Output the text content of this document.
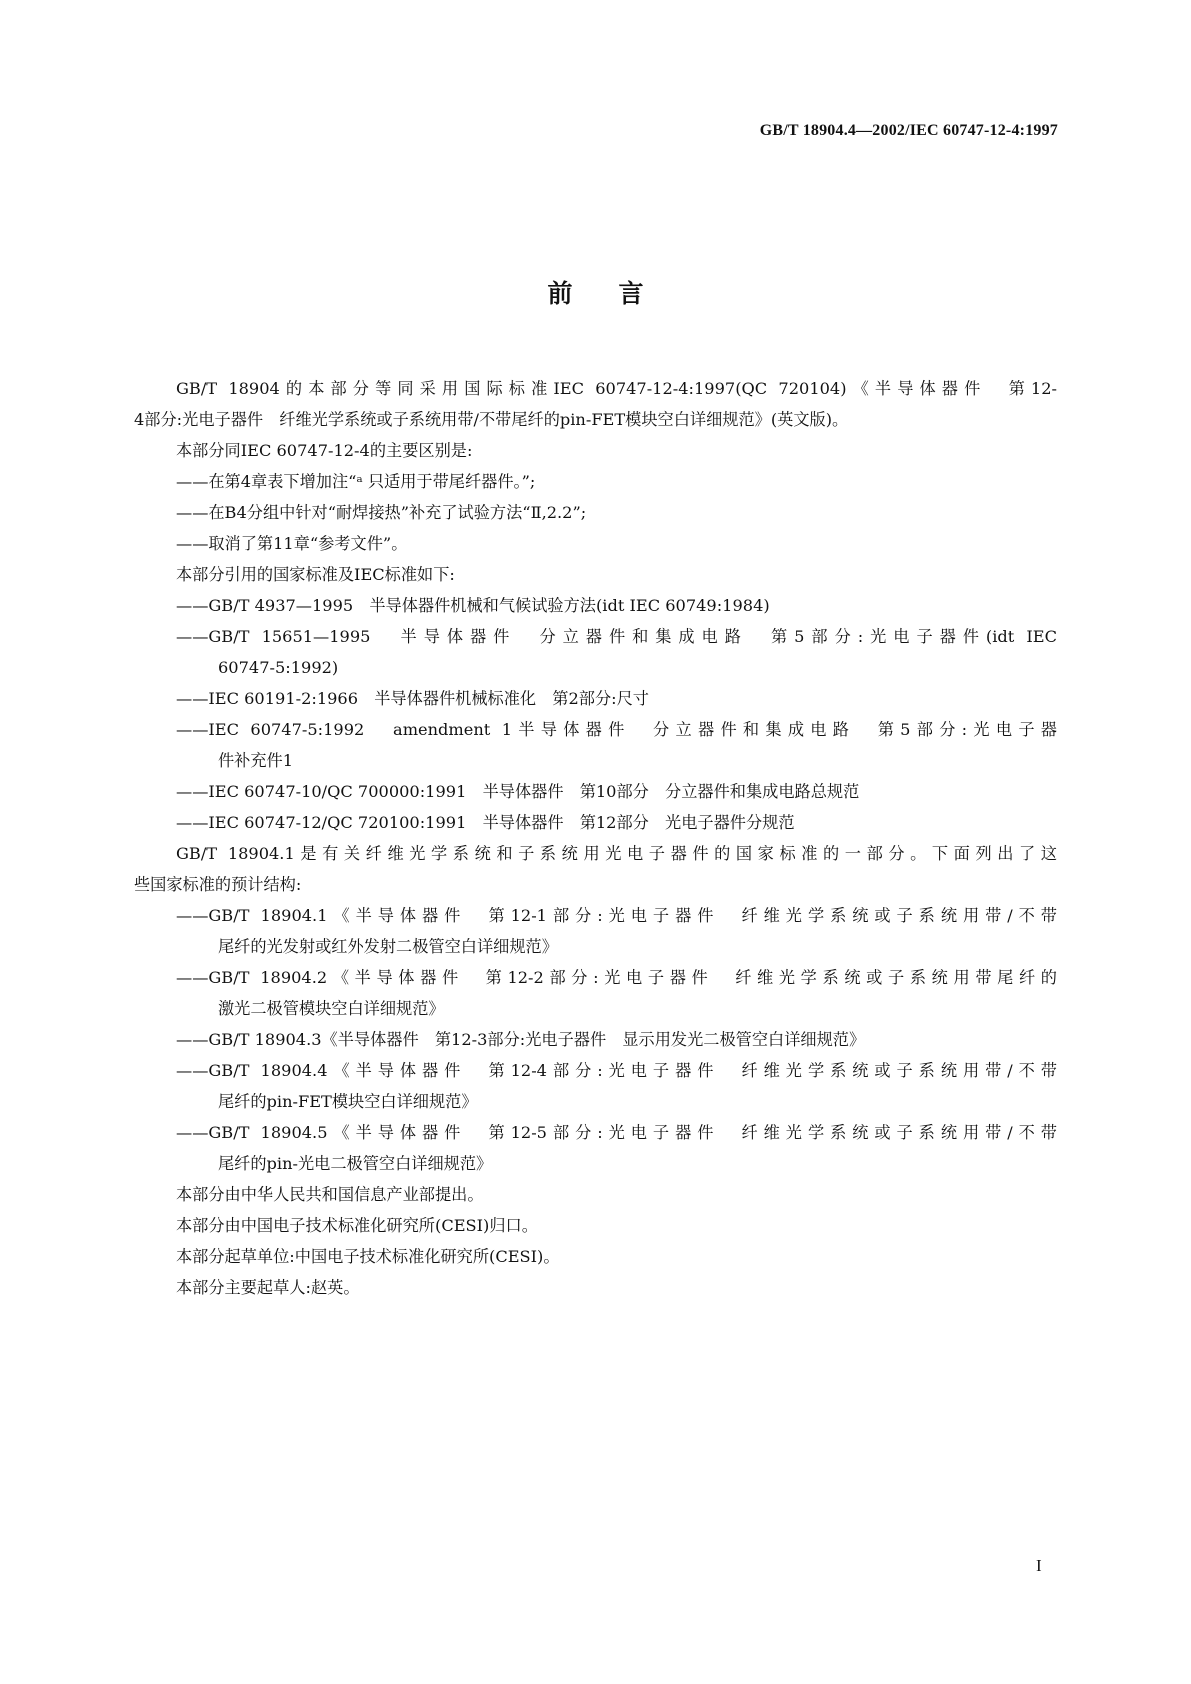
GB/T 18904.4—2002/IEC 60747-12-4:1997
前言
GB/T 18904的本部分等同采用国际标准IEC 60747-12-4:1997(QC 720104)《半导体器件　第12-
4部分:光电子器件　纤维光学系统或子系统用带/不带尾纤的pin-FET模块空白详细规范》(英文版)。
本部分同IEC 60747-12-4的主要区别是:
——在第4章表下增加注“ᵃ 只适用于带尾纤器件。”;
——在B4分组中针对“耐焊接热”补充了试验方法“Ⅱ,2.2”;
——取消了第11章“参考文件”。
本部分引用的国家标准及IEC标准如下:
——GB/T 4937—1995　半导体器件机械和气候试验方法(idt IEC 60749:1984)
——GB/T 15651—1995　半导体器件　分立器件和集成电路　第5部分:光电子器件(idt IEC
60747-5:1992)
——IEC 60191-2:1966　半导体器件机械标准化　第2部分:尺寸
——IEC 60747-5:1992　amendment 1半导体器件　分立器件和集成电路　第5部分:光电子器
件补充件1
——IEC 60747-10/QC 700000:1991　半导体器件　第10部分　分立器件和集成电路总规范
——IEC 60747-12/QC 720100:1991　半导体器件　第12部分　光电子器件分规范
GB/T 18904.1是有关纤维光学系统和子系统用光电子器件的国家标准的一部分。下面列出了这
些国家标准的预计结构:
——GB/T 18904.1《半导体器件　第12-1部分:光电子器件　纤维光学系统或子系统用带/不带
尾纤的光发射或红外发射二极管空白详细规范》
——GB/T 18904.2《半导体器件　第12-2部分:光电子器件　纤维光学系统或子系统用带尾纤的
激光二极管模块空白详细规范》
——GB/T 18904.3《半导体器件　第12-3部分:光电子器件　显示用发光二极管空白详细规范》
——GB/T 18904.4《半导体器件　第12-4部分:光电子器件　纤维光学系统或子系统用带/不带
尾纤的pin-FET模块空白详细规范》
——GB/T 18904.5《半导体器件　第12-5部分:光电子器件　纤维光学系统或子系统用带/不带
尾纤的pin-光电二极管空白详细规范》
本部分由中华人民共和国信息产业部提出。
本部分由中国电子技术标准化研究所(CESI)归口。
本部分起草单位:中国电子技术标准化研究所(CESI)。
本部分主要起草人:赵英。
I
